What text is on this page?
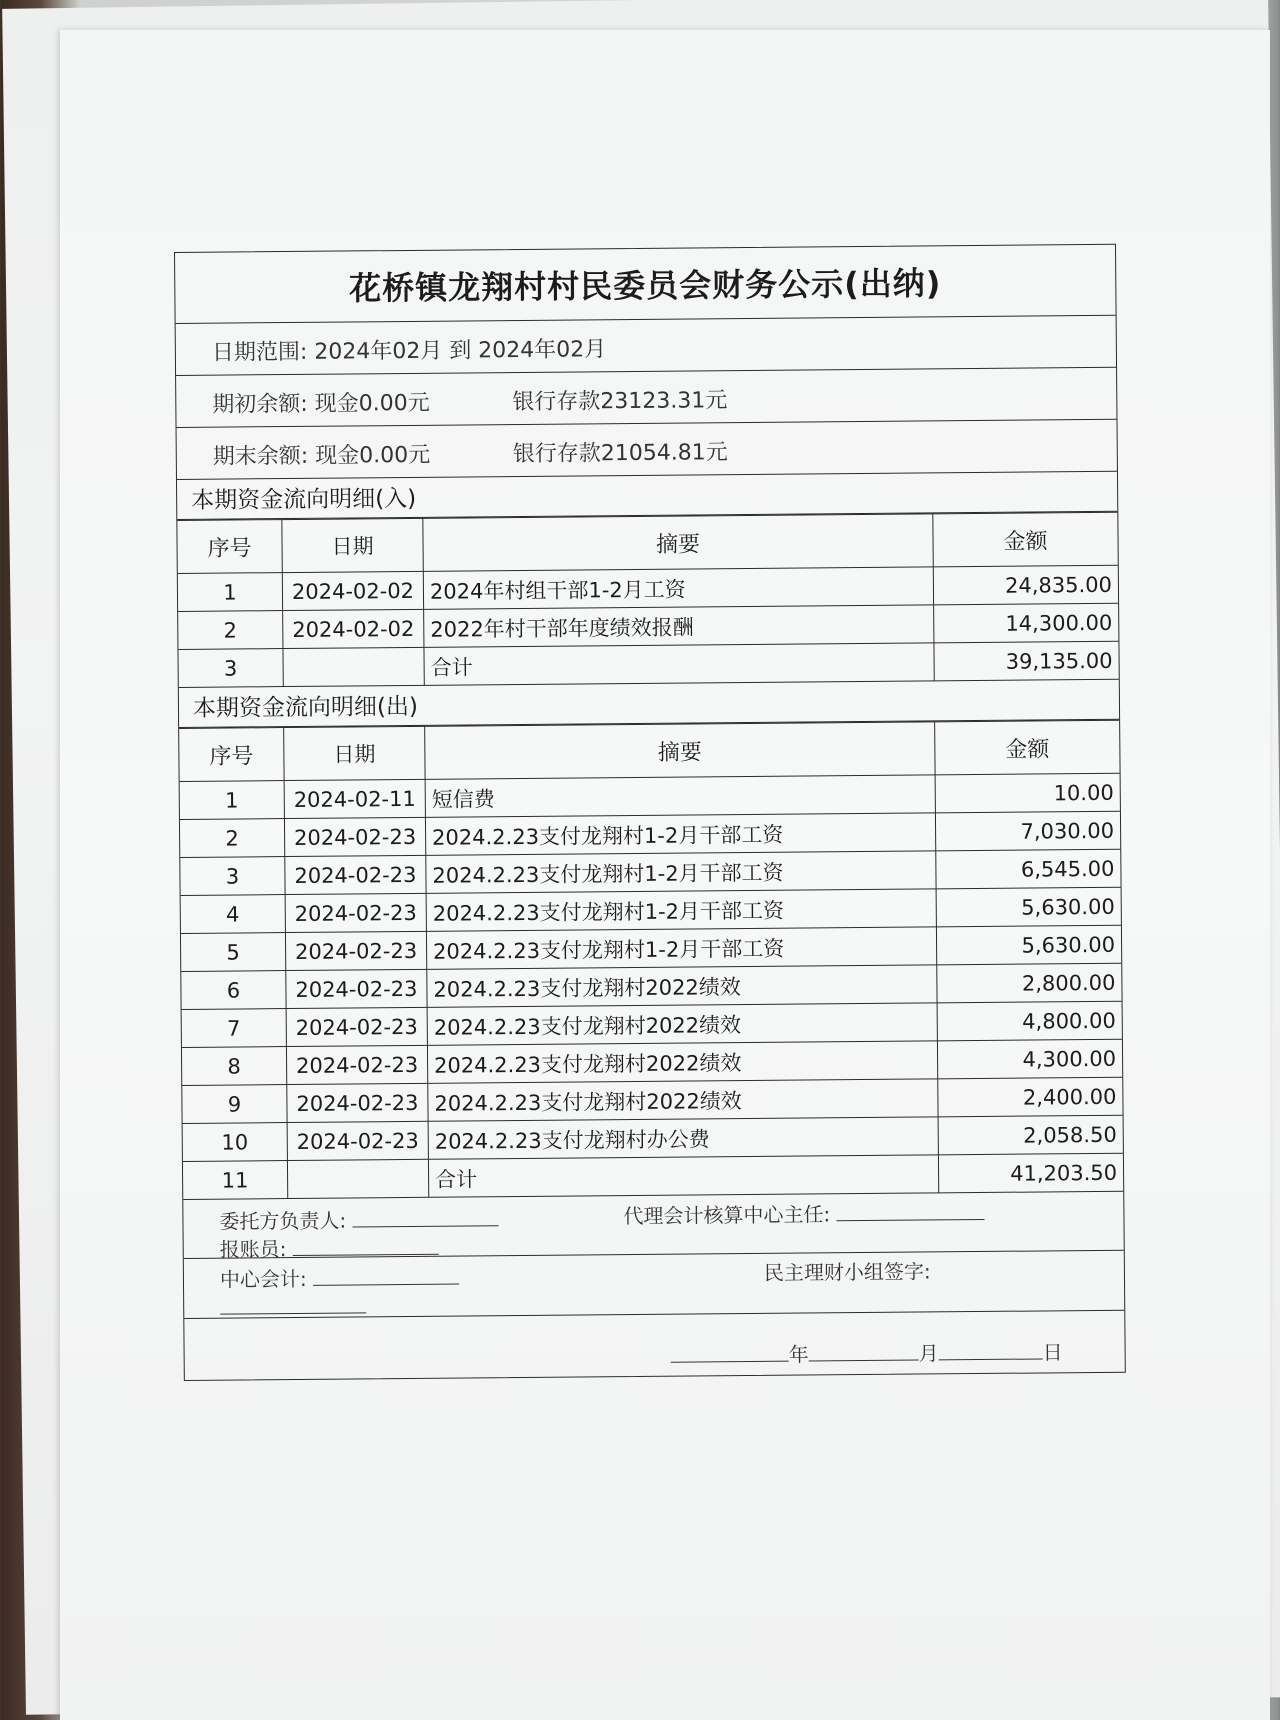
花桥镇龙翔村村民委员会财务公示(出纳)
日期范围: 2024年02月 到 2024年02月
期初余额: 现金0.00元	银行存款23123.31元
期末余额: 现金0.00元	银行存款21054.81元
本期资金流向明细(入)
序号	日期	摘要	金额
1	2024-02-02	2024年村组干部1-2月工资	24,835.00
2	2024-02-02	2022年村干部年度绩效报酬	14,300.00
3		合计	39,135.00
本期资金流向明细(出)
序号	日期	摘要	金额
1	2024-02-11	短信费	10.00
2	2024-02-23	2024.2.23支付龙翔村1-2月干部工资	7,030.00
3	2024-02-23	2024.2.23支付龙翔村1-2月干部工资	6,545.00
4	2024-02-23	2024.2.23支付龙翔村1-2月干部工资	5,630.00
5	2024-02-23	2024.2.23支付龙翔村1-2月干部工资	5,630.00
6	2024-02-23	2024.2.23支付龙翔村2022绩效	2,800.00
7	2024-02-23	2024.2.23支付龙翔村2022绩效	4,800.00
8	2024-02-23	2024.2.23支付龙翔村2022绩效	4,300.00
9	2024-02-23	2024.2.23支付龙翔村2022绩效	2,400.00
10	2024-02-23	2024.2.23支付龙翔村办公费	2,058.50
11		合计	41,203.50
委托方负责人:	代理会计核算中心主任:
报账员:
中心会计:	民主理财小组签字:
年	月	日
